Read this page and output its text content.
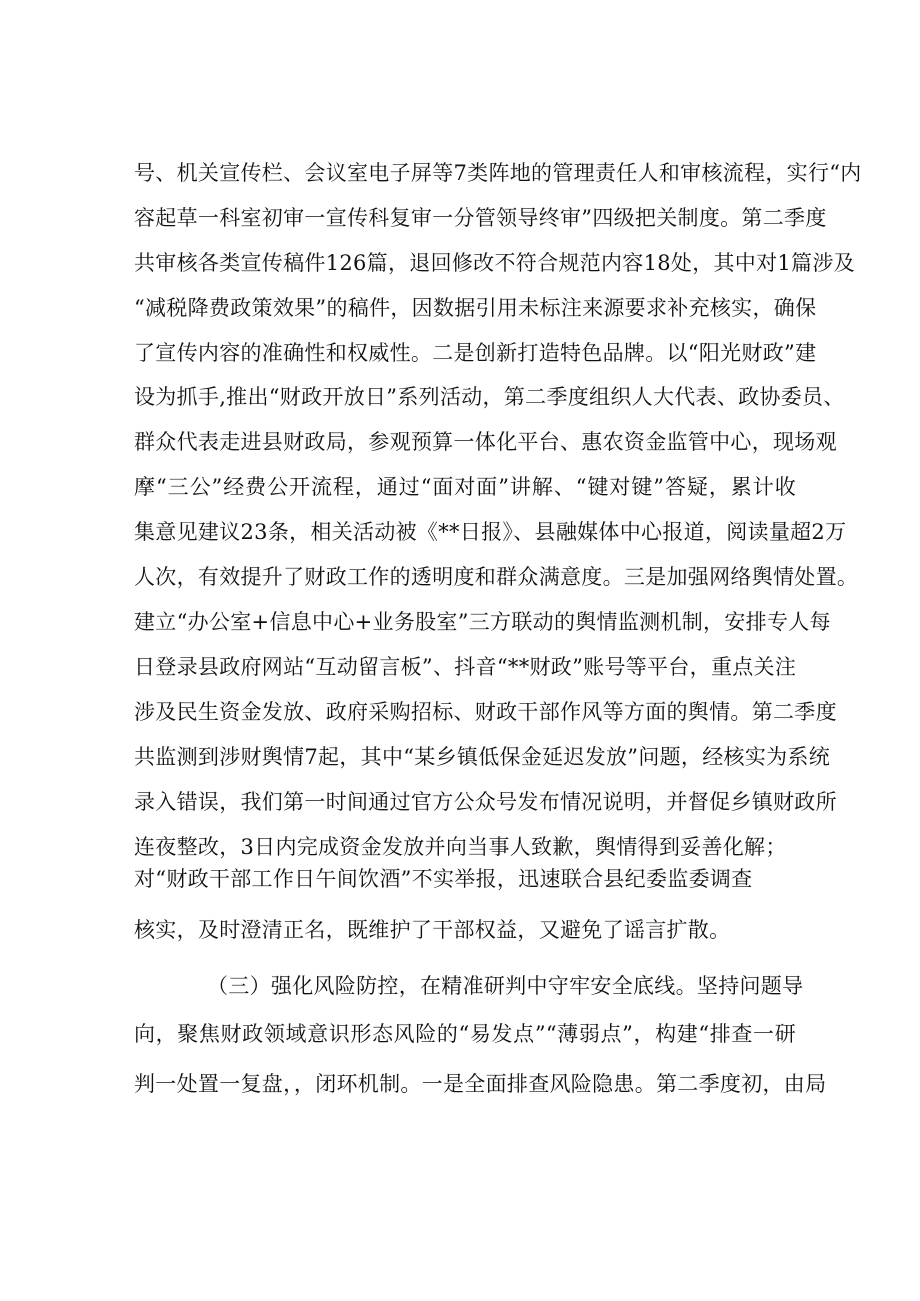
号、机关宣传栏、会议室电子屏等7类阵地的管理责任人和审核流程，实行“内
容起草一科室初审一宣传科复审一分管领导终审”四级把关制度。第二季度
共审核各类宣传稿件126篇，退回修改不符合规范内容18处，其中对1篇涉及
“减税降费政策效果”的稿件，因数据引用未标注来源要求补充核实，确保
了宣传内容的准确性和权威性。二是创新打造特色品牌。以“阳光财政”建
设为抓手,推出“财政开放日”系列活动，第二季度组织人大代表、政协委员、
群众代表走进县财政局，参观预算一体化平台、惠农资金监管中心，现场观
摩“三公”经费公开流程，通过“面对面”讲解、“键对键”答疑，累计收
集意见建议23条，相关活动被《**日报》、县融媒体中心报道，阅读量超2万
人次，有效提升了财政工作的透明度和群众满意度。三是加强网络舆情处置。
建立“办公室+信息中心+业务股室”三方联动的舆情监测机制，安排专人每
日登录县政府网站“互动留言板”、抖音“**财政”账号等平台，重点关注
涉及民生资金发放、政府采购招标、财政干部作风等方面的舆情。第二季度
共监测到涉财舆情7起，其中“某乡镇低保金延迟发放”问题，经核实为系统
录入错误，我们第一时间通过官方公众号发布情况说明，并督促乡镇财政所
连夜整改，3日内完成资金发放并向当事人致歉，舆情得到妥善化解；
对“财政干部工作日午间饮酒”不实举报，迅速联合县纪委监委调查
核实，及时澄清正名，既维护了干部权益，又避免了谣言扩散。
（三）强化风险防控，在精准研判中守牢安全底线。坚持问题导
向，聚焦财政领域意识形态风险的“易发点”“薄弱点”，构建“排查一研
判一处置一复盘，，闭环机制。一是全面排查风险隐患。第二季度初，由局
